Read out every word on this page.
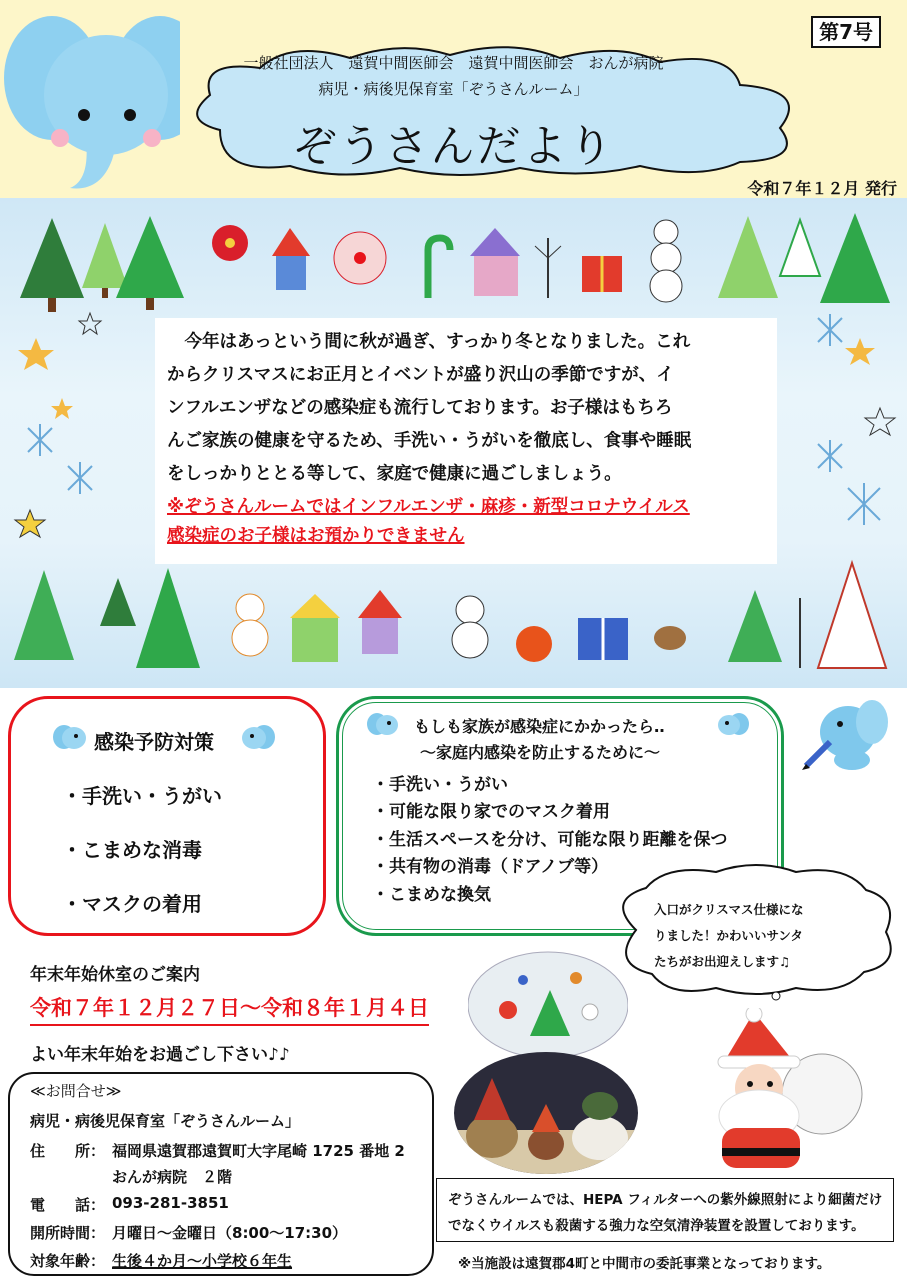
第7号
一般社団法人　遠賀中間医師会　遠賀中間医師会　おんが病院
病児・病後児保育室「ぞうさんルーム」
ぞうさんだより
令和７年１２月 発行
　今年はあっという間に秋が過ぎ、すっかり冬となりました。これ
からクリスマスにお正月とイベントが盛り沢山の季節ですが、イ
ンフルエンザなどの感染症も流行しております。お子様はもちろ
んご家族の健康を守るため、手洗い・うがいを徹底し、食事や睡眠
をしっかりととる等して、家庭で健康に過ごしましょう。
※ぞうさんルームではインフルエンザ・麻疹・新型コロナウイルス
感染症のお子様はお預かりできません
感染予防対策
・手洗い・うがい
・こまめな消毒
・マスクの着用
もしも家族が感染症にかかったら‥
～家庭内感染を防止するために～
・手洗い・うがい
・可能な限り家でのマスク着用
・生活スペースを分け、可能な限り距離を保つ
・共有物の消毒（ドアノブ等）
・こまめな換気
入口がクリスマス仕様にな
りました！かわいいサンタ
たちがお出迎えします♫
年末年始休室のご案内
令和７年１２月２７日～令和８年１月４日
よい年末年始をお過ごし下さい♪♪
≪お問合せ≫
病児・病後児保育室「ぞうさんルーム」
住　　所： 福岡県遠賀郡遠賀町大字尾崎 1725 番地 2
おんが病院　２階
電　　話： 093-281-3851
開所時間： 月曜日～金曜日（8:00～17:30）
対象年齢： 生後４か月～小学校６年生
ぞうさんルームでは、HEPA フィルターへの紫外線照射により細菌だけ
でなくウイルスも殺菌する強力な空気清浄装置を設置しております。
※当施設は遠賀郡4町と中間市の委託事業となっております。
